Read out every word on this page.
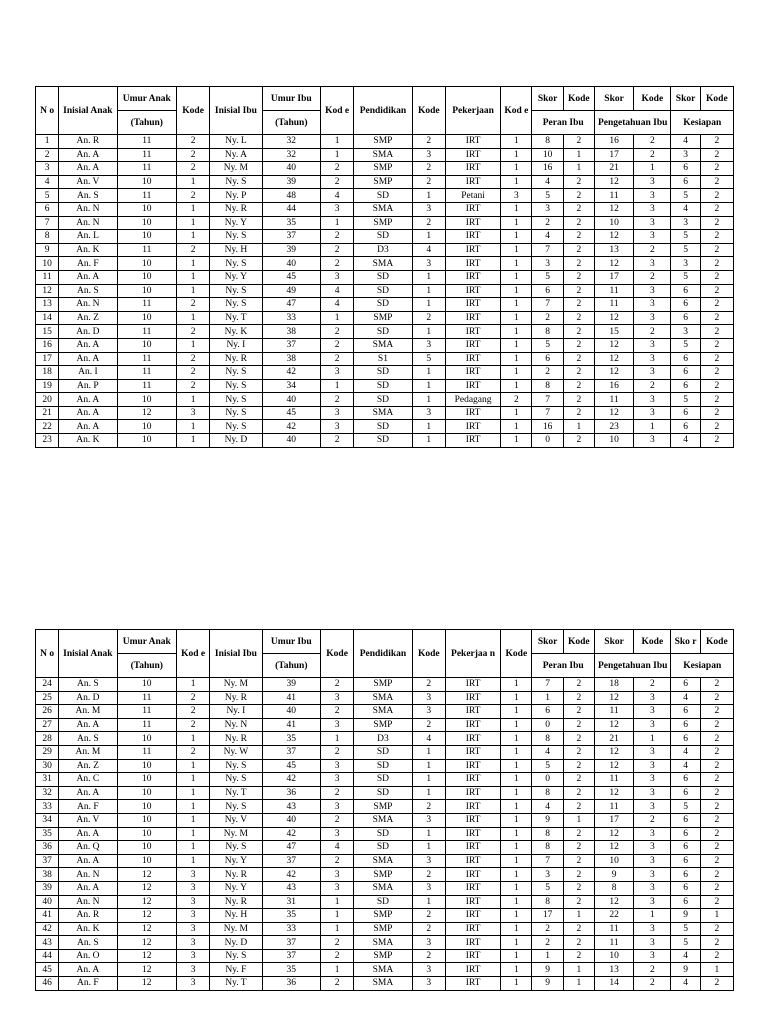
N o	Inisial Anak	Umur Anak	Kode	Inisial Ibu	Umur Ibu	Kod e	Pendidikan	Kode	Pekerjaan	Kod e	Skor	Kode	Skor	Kode	Skor	Kode
		(Tahun)			(Tahun)						Peran Ibu		Pengetahuan Ibu		Kesiapan	
1	An. R	11	2	Ny. L	32	1	SMP	2	IRT	1	8	2	16	2	4	2
2	An. A	11	2	Ny. A	32	1	SMA	3	IRT	1	10	1	17	2	3	2
3	An. A	11	2	Ny. M	40	2	SMP	2	IRT	1	16	1	21	1	6	2
4	An. V	10	1	Ny. S	39	2	SMP	2	IRT	1	4	2	12	3	6	2
5	An. S	11	2	Ny. P	48	4	SD	1	Petani	3	5	2	11	3	5	2
6	An. N	10	1	Ny. R	44	3	SMA	3	IRT	1	3	2	12	3	4	2
7	An. N	10	1	Ny. Y	35	1	SMP	2	IRT	1	2	2	10	3	3	2
8	An. L	10	1	Ny. S	37	2	SD	1	IRT	1	4	2	12	3	5	2
9	An. K	11	2	Ny. H	39	2	D3	4	IRT	1	7	2	13	2	5	2
10	An. F	10	1	Ny. S	40	2	SMA	3	IRT	1	3	2	12	3	3	2
11	An. A	10	1	Ny. Y	45	3	SD	1	IRT	1	5	2	17	2	5	2
12	An. S	10	1	Ny. S	49	4	SD	1	IRT	1	6	2	11	3	6	2
13	An. N	11	2	Ny. S	47	4	SD	1	IRT	1	7	2	11	3	6	2
14	An. Z	10	1	Ny. T	33	1	SMP	2	IRT	1	2	2	12	3	6	2
15	An. D	11	2	Ny. K	38	2	SD	1	IRT	1	8	2	15	2	3	2
16	An. A	10	1	Ny. I	37	2	SMA	3	IRT	1	5	2	12	3	5	2
17	An. A	11	2	Ny. R	38	2	S1	5	IRT	1	6	2	12	3	6	2
18	An. I	11	2	Ny. S	42	3	SD	1	IRT	1	2	2	12	3	6	2
19	An. P	11	2	Ny. S	34	1	SD	1	IRT	1	8	2	16	2	6	2
20	An. A	10	1	Ny. S	40	2	SD	1	Pedagang	2	7	2	11	3	5	2
21	An. A	12	3	Ny. S	45	3	SMA	3	IRT	1	7	2	12	3	6	2
22	An. A	10	1	Ny. S	42	3	SD	1	IRT	1	16	1	23	1	6	2
23	An. K	10	1	Ny. D	40	2	SD	1	IRT	1	0	2	10	3	4	2
N o	Inisial Anak	Umur Anak	Kod e	Inisial Ibu	Umur Ibu	Kode	Pendidikan	Kode	Pekerjaa n	Kode	Skor	Kode	Skor	Kode	Sko r	Kode
		(Tahun)			(Tahun)						Peran Ibu		Pengetahuan Ibu		Kesiapan	
24	An. S	10	1	Ny. M	39	2	SMP	2	IRT	1	7	2	18	2	6	2
25	An. D	11	2	Ny. R	41	3	SMA	3	IRT	1	1	2	12	3	4	2
26	An. M	11	2	Ny. I	40	2	SMA	3	IRT	1	6	2	11	3	6	2
27	An. A	11	2	Ny. N	41	3	SMP	2	IRT	1	0	2	12	3	6	2
28	An. S	10	1	Ny. R	35	1	D3	4	IRT	1	8	2	21	1	6	2
29	An. M	11	2	Ny. W	37	2	SD	1	IRT	1	4	2	12	3	4	2
30	An. Z	10	1	Ny. S	45	3	SD	1	IRT	1	5	2	12	3	4	2
31	An. C	10	1	Ny. S	42	3	SD	1	IRT	1	0	2	11	3	6	2
32	An. A	10	1	Ny. T	36	2	SD	1	IRT	1	8	2	12	3	6	2
33	An. F	10	1	Ny. S	43	3	SMP	2	IRT	1	4	2	11	3	5	2
34	An. V	10	1	Ny. V	40	2	SMA	3	IRT	1	9	1	17	2	6	2
35	An. A	10	1	Ny. M	42	3	SD	1	IRT	1	8	2	12	3	6	2
36	An. Q	10	1	Ny. S	47	4	SD	1	IRT	1	8	2	12	3	6	2
37	An. A	10	1	Ny. Y	37	2	SMA	3	IRT	1	7	2	10	3	6	2
38	An. N	12	3	Ny. R	42	3	SMP	2	IRT	1	3	2	9	3	6	2
39	An. A	12	3	Ny. Y	43	3	SMA	3	IRT	1	5	2	8	3	6	2
40	An. N	12	3	Ny. R	31	1	SD	1	IRT	1	8	2	12	3	6	2
41	An. R	12	3	Ny. H	35	1	SMP	2	IRT	1	17	1	22	1	9	1
42	An. K	12	3	Ny. M	33	1	SMP	2	IRT	1	2	2	11	3	5	2
43	An. S	12	3	Ny. D	37	2	SMA	3	IRT	1	2	2	11	3	5	2
44	An. O	12	3	Ny. S	37	2	SMP	2	IRT	1	1	2	10	3	4	2
45	An. A	12	3	Ny. F	35	1	SMA	3	IRT	1	9	1	13	2	9	1
46	An. F	12	3	Ny. T	36	2	SMA	3	IRT	1	9	1	14	2	4	2
